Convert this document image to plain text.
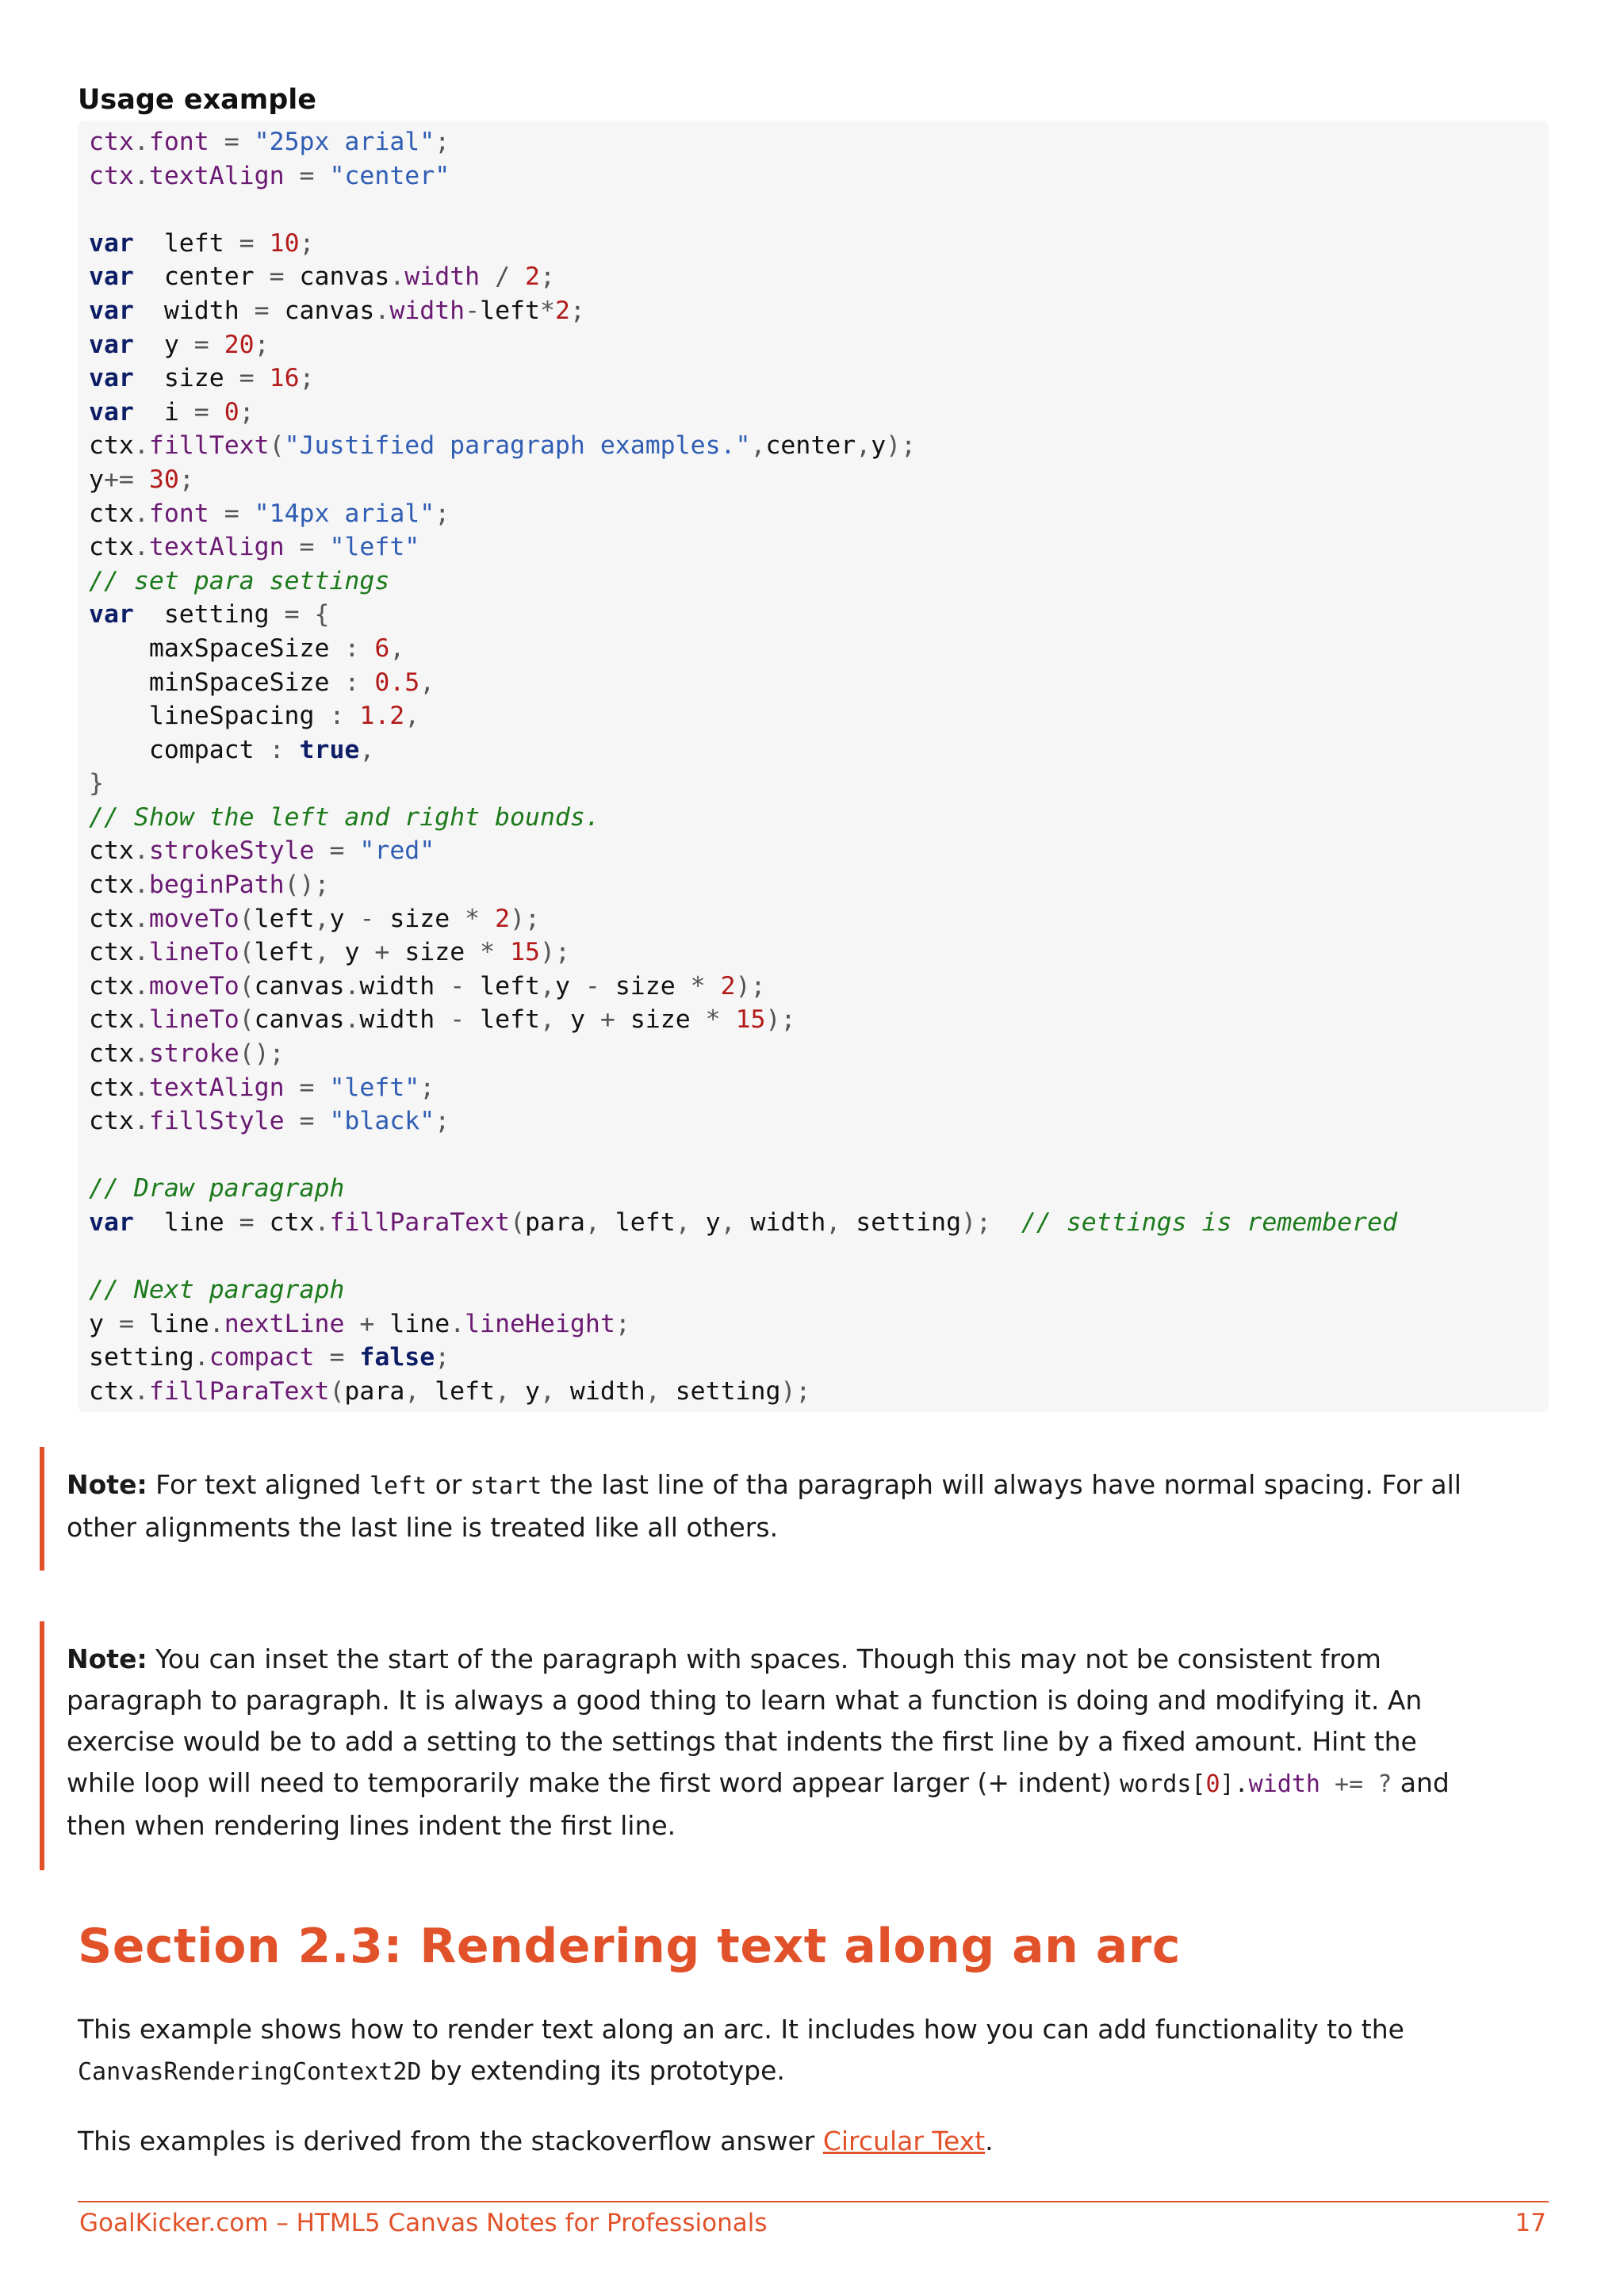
Usage example
ctx.font = "25px arial";
ctx.textAlign = "center"

var  left = 10;
var  center = canvas.width / 2;
var  width = canvas.width-left*2;
var  y = 20;
var  size = 16;
var  i = 0;
ctx.fillText("Justified paragraph examples.",center,y);
y+= 30;
ctx.font = "14px arial";
ctx.textAlign = "left"
// set para settings
var  setting = {
maxSpaceSize : 6,
minSpaceSize : 0.5,
lineSpacing : 1.2,
compact : true,
}
// Show the left and right bounds.
ctx.strokeStyle = "red"
ctx.beginPath();
ctx.moveTo(left,y - size * 2);
ctx.lineTo(left, y + size * 15);
ctx.moveTo(canvas.width - left,y - size * 2);
ctx.lineTo(canvas.width - left, y + size * 15);
ctx.stroke();
ctx.textAlign = "left";
ctx.fillStyle = "black";

// Draw paragraph
var  line = ctx.fillParaText(para, left, y, width, setting);  // settings is remembered

// Next paragraph
y = line.nextLine + line.lineHeight;
setting.compact = false;
ctx.fillParaText(para, left, y, width, setting);

Note: For text aligned left or start the last line of tha paragraph will always have normal spacing. For all other alignments the last line is treated like all others.

Note: You can inset the start of the paragraph with spaces. Though this may not be consistent from paragraph to paragraph. It is always a good thing to learn what a function is doing and modifying it. An exercise would be to add a setting to the settings that indents the first line by a fixed amount. Hint the while loop will need to temporarily make the first word appear larger (+ indent) words[0].width += ? and then when rendering lines indent the first line.

Section 2.3: Rendering text along an arc

This example shows how to render text along an arc. It includes how you can add functionality to the CanvasRenderingContext2D by extending its prototype.

This examples is derived from the stackoverflow answer Circular Text.

GoalKicker.com – HTML5 Canvas Notes for Professionals	17
